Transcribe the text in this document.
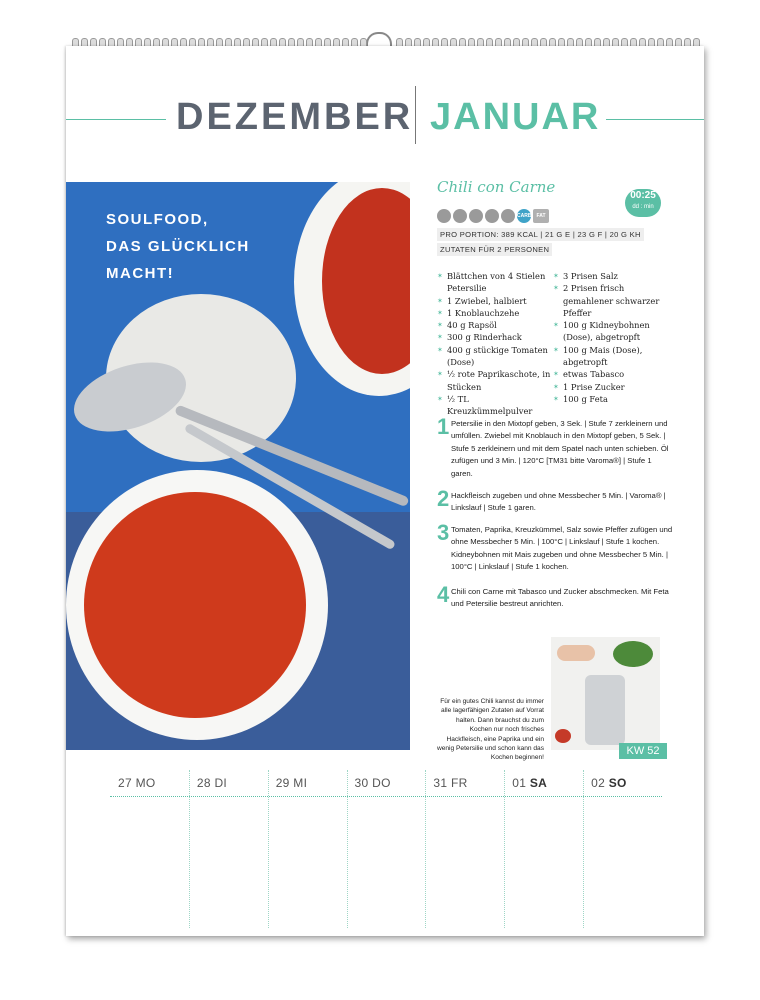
DEZEMBER JANUAR
SOULFOOD,
DAS GLÜCKLICH
MACHT!
Chili con Carne	00:25
dd : min
CARB	FAT
PRO PORTION: 389 KCAL | 21 G E | 23 G F | 20 G KH
ZUTATEN FÜR 2 PERSONEN
✶ Blättchen von 4 Stielen Petersilie
✶ 1 Zwiebel, halbiert
✶ 1 Knoblauchzehe
✶ 40 g Rapsöl
✶ 300 g Rinderhack
✶ 400 g stückige Tomaten (Dose)
✶ ½ rote Paprikaschote, in Stücken
✶ ½ TL Kreuzkümmelpulver
✶ 3 Prisen Salz
✶ 2 Prisen frisch gemahlener schwarzer Pfeffer
✶ 100 g Kidneybohnen (Dose), abgetropft
✶ 100 g Mais (Dose), abgetropft
✶ etwas Tabasco
✶ 1 Prise Zucker
✶ 100 g Feta
1 Petersilie in den Mixtopf geben, 3 Sek. | Stufe 7 zerkleinern und umfüllen. Zwiebel mit Knoblauch in den Mixtopf geben, 5 Sek. | Stufe 5 zerkleinern und mit dem Spatel nach unten schieben. Öl zufügen und 3 Min. | 120°C [TM31 bitte Varoma®] | Stufe 1 garen.
2 Hackfleisch zugeben und ohne Messbecher 5 Min. | Varoma® | Linkslauf | Stufe 1 garen.
3 Tomaten, Paprika, Kreuzkümmel, Salz sowie Pfeffer zufügen und ohne Messbecher 5 Min. | 100°C | Linkslauf | Stufe 1 kochen. Kidneybohnen mit Mais zugeben und ohne Messbecher 5 Min. | 100°C | Linkslauf | Stufe 1 kochen.
4 Chili con Carne mit Tabasco und Zucker abschmecken. Mit Feta und Petersilie bestreut anrichten.
Für ein gutes Chili kannst du immer alle lagerfähigen Zutaten auf Vorrat halten. Dann brauchst du zum Kochen nur noch frisches Hackfleisch, eine Paprika und ein wenig Petersilie und schon kann das Kochen beginnen!
KW 52
27 MO	28 DI	29 MI	30 DO	31 FR	01 SA	02 SO
